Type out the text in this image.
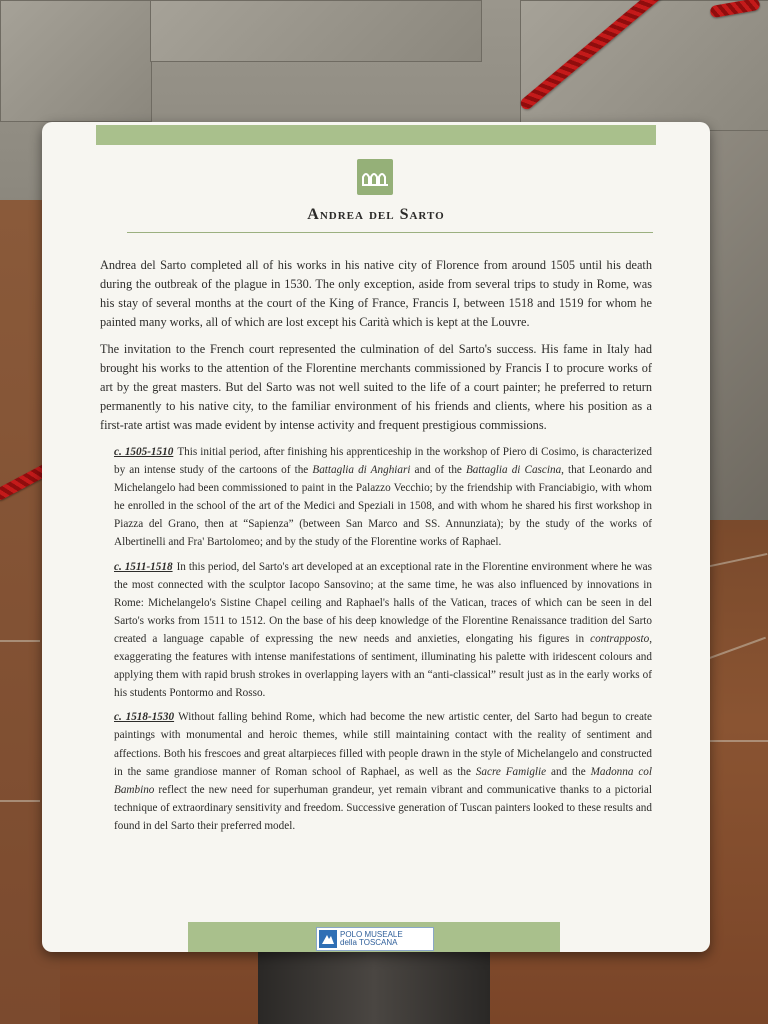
Andrea del Sarto

Andrea del Sarto completed all of his works in his native city of Florence from around 1505 until his death during the outbreak of the plague in 1530. The only exception, aside from several trips to study in Rome, was his stay of several months at the court of the King of France, Francis I, between 1518 and 1519 for whom he painted many works, all of which are lost except his Carità which is kept at the Louvre.

The invitation to the French court represented the culmination of del Sarto's success. His fame in Italy had brought his works to the attention of the Florentine merchants commissioned by Francis I to procure works of art by the great masters. But del Sarto was not well suited to the life of a court painter; he preferred to return permanently to his native city, to the familiar environment of his friends and clients, where his position as a first-rate artist was made evident by intense activity and frequent prestigious commissions.

c. 1505-1510 This initial period, after finishing his apprenticeship in the workshop of Piero di Cosimo, is characterized by an intense study of the cartoons of the Battaglia di Anghiari and of the Battaglia di Cascina, that Leonardo and Michelangelo had been commissioned to paint in the Palazzo Vecchio; by the friendship with Franciabigio, with whom he enrolled in the school of the art of the Medici and Speziali in 1508, and with whom he shared his first workshop in Piazza del Grano, then at “Sapienza” (between San Marco and SS. Annunziata); by the study of the works of Albertinelli and Fra' Bartolomeo; and by the study of the Florentine works of Raphael.

c. 1511-1518 In this period, del Sarto's art developed at an exceptional rate in the Florentine environment where he was the most connected with the sculptor Iacopo Sansovino; at the same time, he was also influenced by innovations in Rome: Michelangelo's Sistine Chapel ceiling and Raphael's halls of the Vatican, traces of which can be seen in del Sarto's works from 1511 to 1512. On the base of his deep knowledge of the Florentine Renaissance tradition del Sarto created a language capable of expressing the new needs and anxieties, elongating his figures in contrapposto, exaggerating the features with intense manifestations of sentiment, illuminating his palette with iridescent colours and applying them with rapid brush strokes in overlapping layers with an “anti-classical” result just as in the early works of his students Pontormo and Rosso.

c. 1518-1530 Without falling behind Rome, which had become the new artistic center, del Sarto had begun to create paintings with monumental and heroic themes, while still maintaining contact with the reality of sentiment and affections. Both his frescoes and great altarpieces filled with people drawn in the style of Michelangelo and constructed in the same grandiose manner of Roman school of Raphael, as well as the Sacre Famiglie and the Madonna col Bambino reflect the new need for superhuman grandeur, yet remain vibrant and communicative thanks to a pictorial technique of extraordinary sensitivity and freedom. Successive generation of Tuscan painters looked to these results and found in del Sarto their preferred model.

POLO MUSEALE
della TOSCANA
